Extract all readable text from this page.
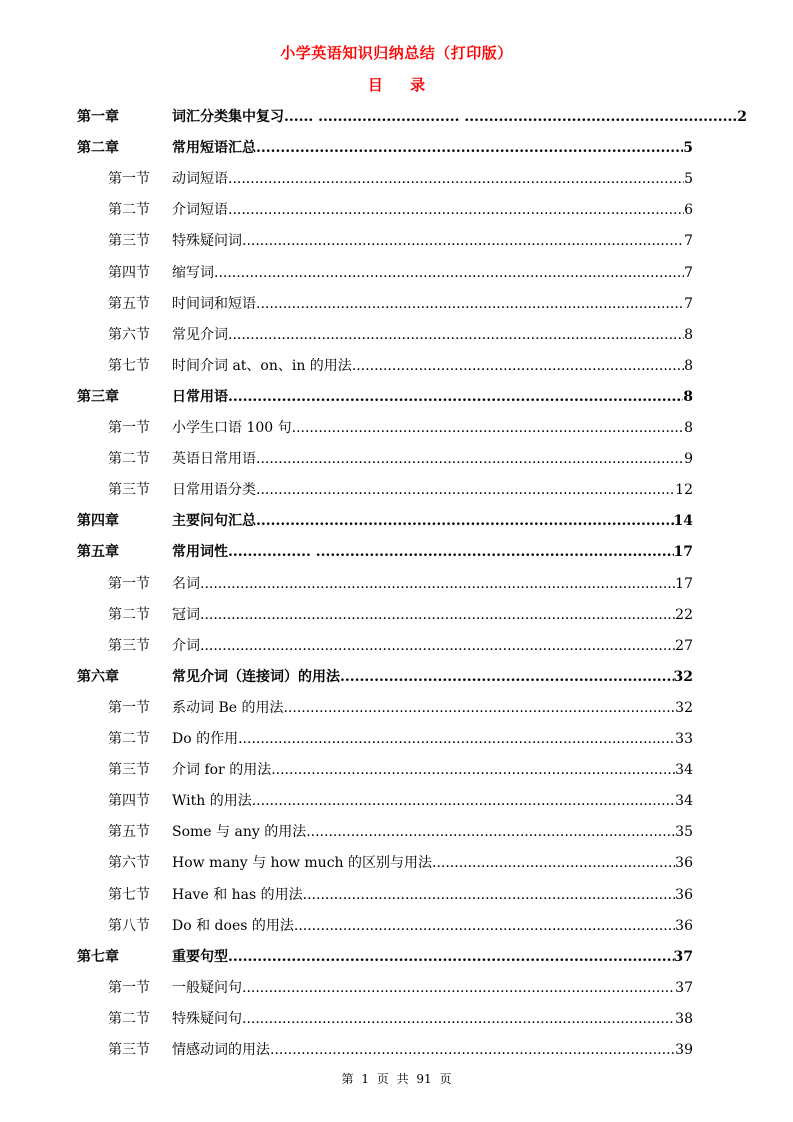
小学英语知识归纳总结（打印版）
目 录
第一章	词汇分类集中复习...... ............................. ........................................................ 2
第二章	常用短语汇总 .....	5
第一节 动词短语 .....	5
第二节 介词短语 .....	6
第三节 特殊疑问词 .....	7
第四节 缩写词 .....	7
第五节 时间词和短语 .....	7
第六节 常见介词 .....	8
第七节 时间介词 at、on、in 的用法 .....	8
第三章	日常用语 .....	8
第一节 小学生口语 100 句 .....	8
第二节 英语日常用语 .....	9
第三节 日常用语分类 .....	12
第四章	主要问句汇总 .....	14
第五章	常用词性................. ........ .....	17
第一节 名词 .....	17
第二节 冠词 .....	22
第三节 介词 .....	27
第六章	常见介词（连接词）的用法 .....	32
第一节 系动词 Be 的用法 .....	32
第二节 Do 的作用 .....	33
第三节 介词 for 的用法 .....	34
第四节 With 的用法 .....	34
第五节 Some 与 any 的用法 .....	35
第六节 How many 与 how much 的区别与用法 .....	36
第七节 Have 和 has 的用法 .....	36
第八节 Do 和 does 的用法 .....	36
第七章	重要句型 .....	37
第一节 一般疑问句 .....	37
第二节 特殊疑问句 .....	38
第三节 情感动词的用法 .....	39
第 1 页 共 91 页
